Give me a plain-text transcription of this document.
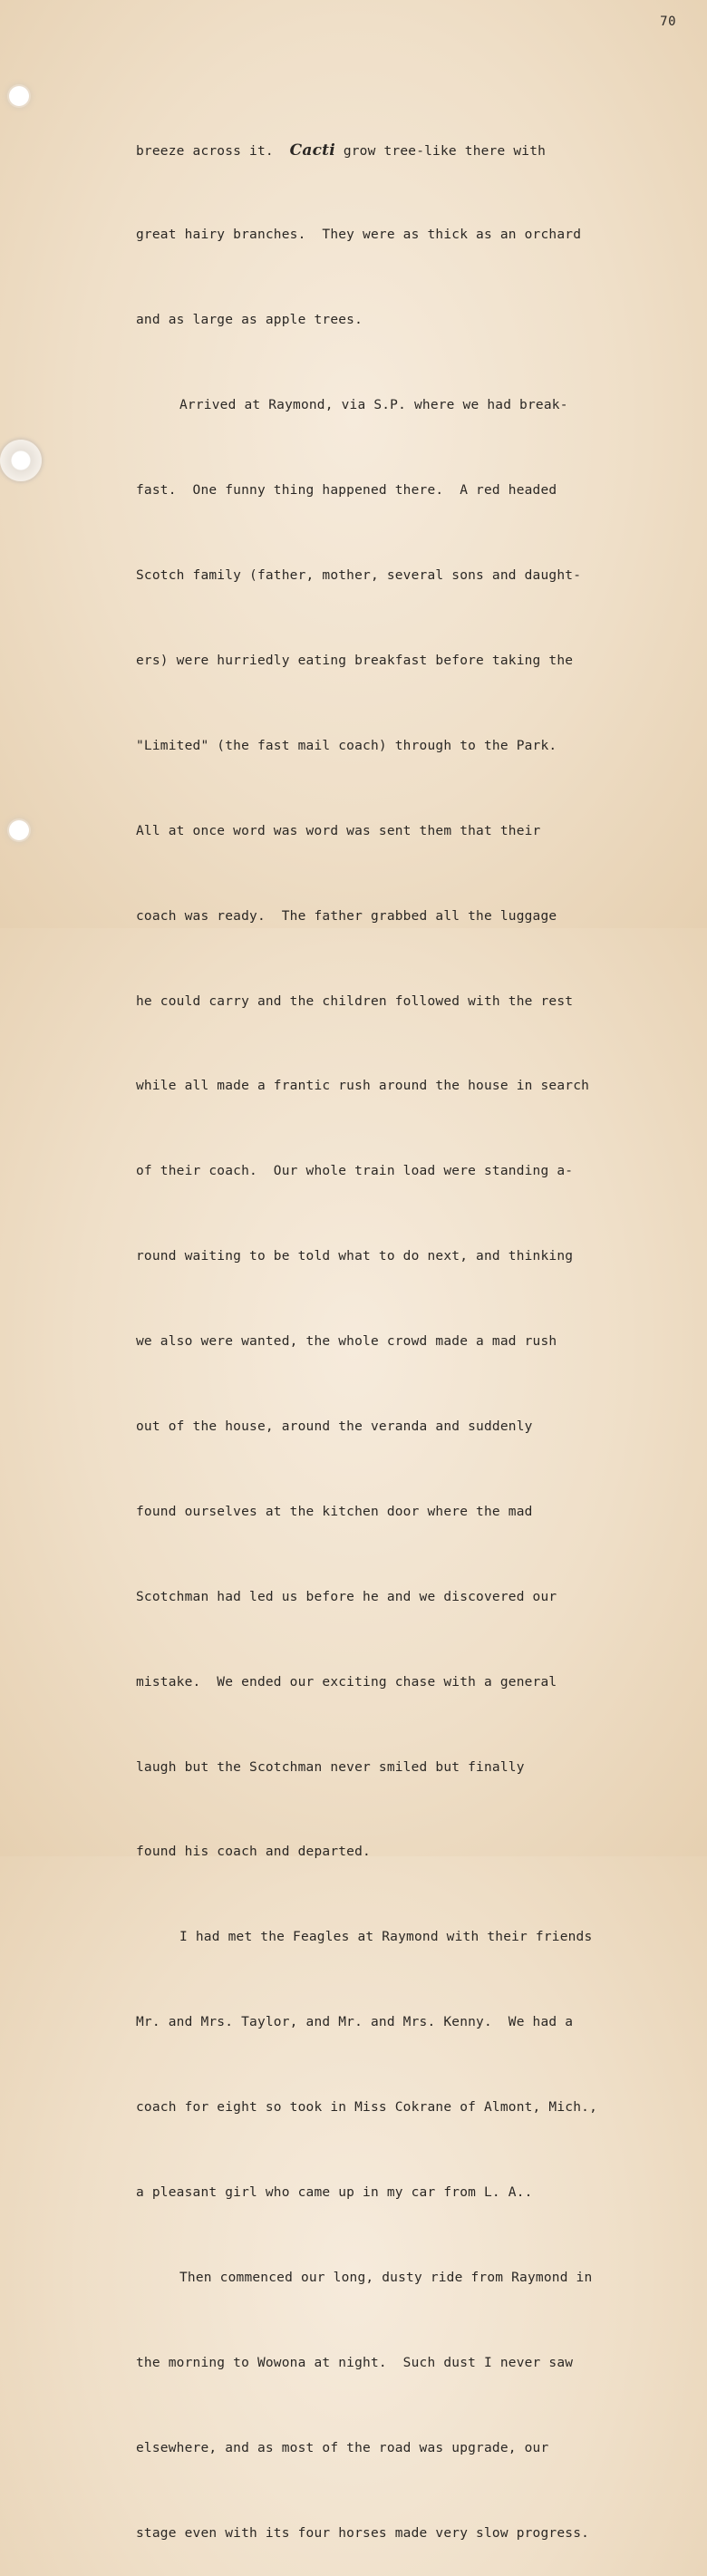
70

breeze across it.  Cacti grow tree-like there with

great hairy branches.  They were as thick as an orchard

and as large as apple trees.

Arrived at Raymond, via S.P. where we had break-

fast.  One funny thing happened there.  A red headed

Scotch family (father, mother, several sons and daught-

ers) were hurriedly eating breakfast before taking the

"Limited" (the fast mail coach) through to the Park.

All at once word was word was sent them that their

coach was ready.  The father grabbed all the luggage

he could carry and the children followed with the rest

while all made a frantic rush around the house in search

of their coach.  Our whole train load were standing a-

round waiting to be told what to do next, and thinking

we also were wanted, the whole crowd made a mad rush

out of the house, around the veranda and suddenly

found ourselves at the kitchen door where the mad

Scotchman had led us before he and we discovered our

mistake.  We ended our exciting chase with a general

laugh but the Scotchman never smiled but finally

found his coach and departed.

I had met the Feagles at Raymond with their friends

Mr. and Mrs. Taylor, and Mr. and Mrs. Kenny.  We had a

coach for eight so took in Miss Cokrane of Almont, Mich.,

a pleasant girl who came up in my car from L. A..

Then commenced our long, dusty ride from Raymond in

the morning to Wowona at night.  Such dust I never saw

elsewhere, and as most of the road was upgrade, our

stage even with its four horses made very slow progress.
